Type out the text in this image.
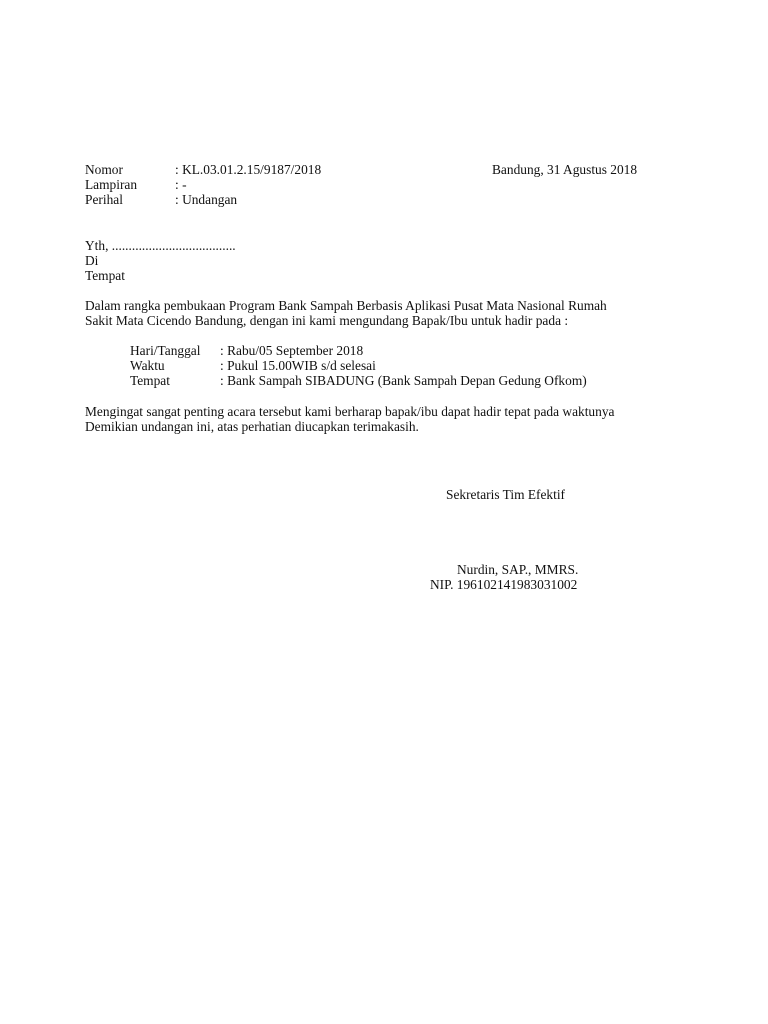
Nomor	: KL.03.01.2.15/9187/2018	Bandung, 31 Agustus 2018
Lampiran	: -
Perihal	: Undangan
Yth, .....................................
Di
Tempat
Dalam rangka pembukaan Program Bank Sampah Berbasis Aplikasi Pusat Mata Nasional Rumah
Sakit Mata Cicendo Bandung, dengan ini kami mengundang Bapak/Ibu untuk hadir pada :
Hari/Tanggal : Rabu/05 September 2018
Waktu	: Pukul 15.00WIB s/d selesai
Tempat	: Bank Sampah SIBADUNG (Bank Sampah Depan Gedung Ofkom)
Mengingat sangat penting acara tersebut kami berharap bapak/ibu dapat hadir tepat pada waktunya
Demikian undangan ini, atas perhatian diucapkan terimakasih.
Sekretaris Tim Efektif
Nurdin, SAP., MMRS.
NIP. 196102141983031002
